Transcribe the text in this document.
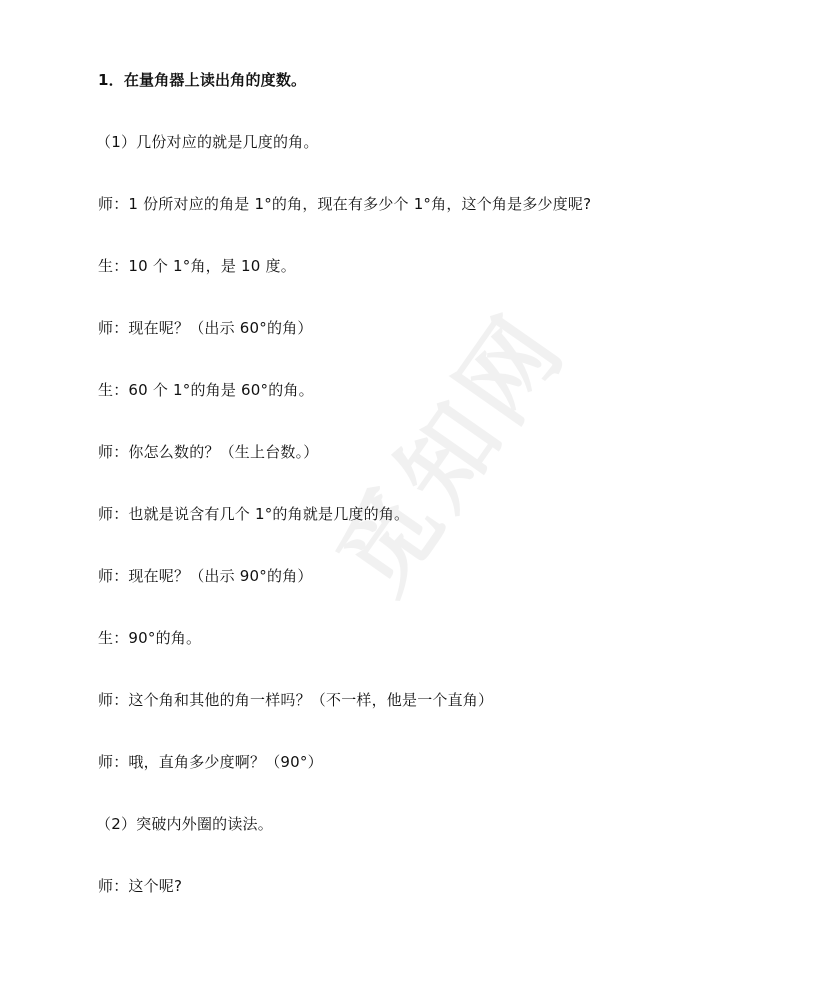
觅知网
1．在量角器上读出角的度数。
（1）几份对应的就是几度的角。
师：1 份所对应的角是 1°的角，现在有多少个 1°角，这个角是多少度呢?
生：10 个 1°角，是 10 度。
师：现在呢？（出示 60°的角）
生：60 个 1°的角是 60°的角。
师：你怎么数的？（生上台数。）
师：也就是说含有几个 1°的角就是几度的角。
师：现在呢？（出示 90°的角）
生：90°的角。
师：这个角和其他的角一样吗？（不一样，他是一个直角）
师：哦，直角多少度啊？（90°）
（2）突破内外圈的读法。
师：这个呢?
